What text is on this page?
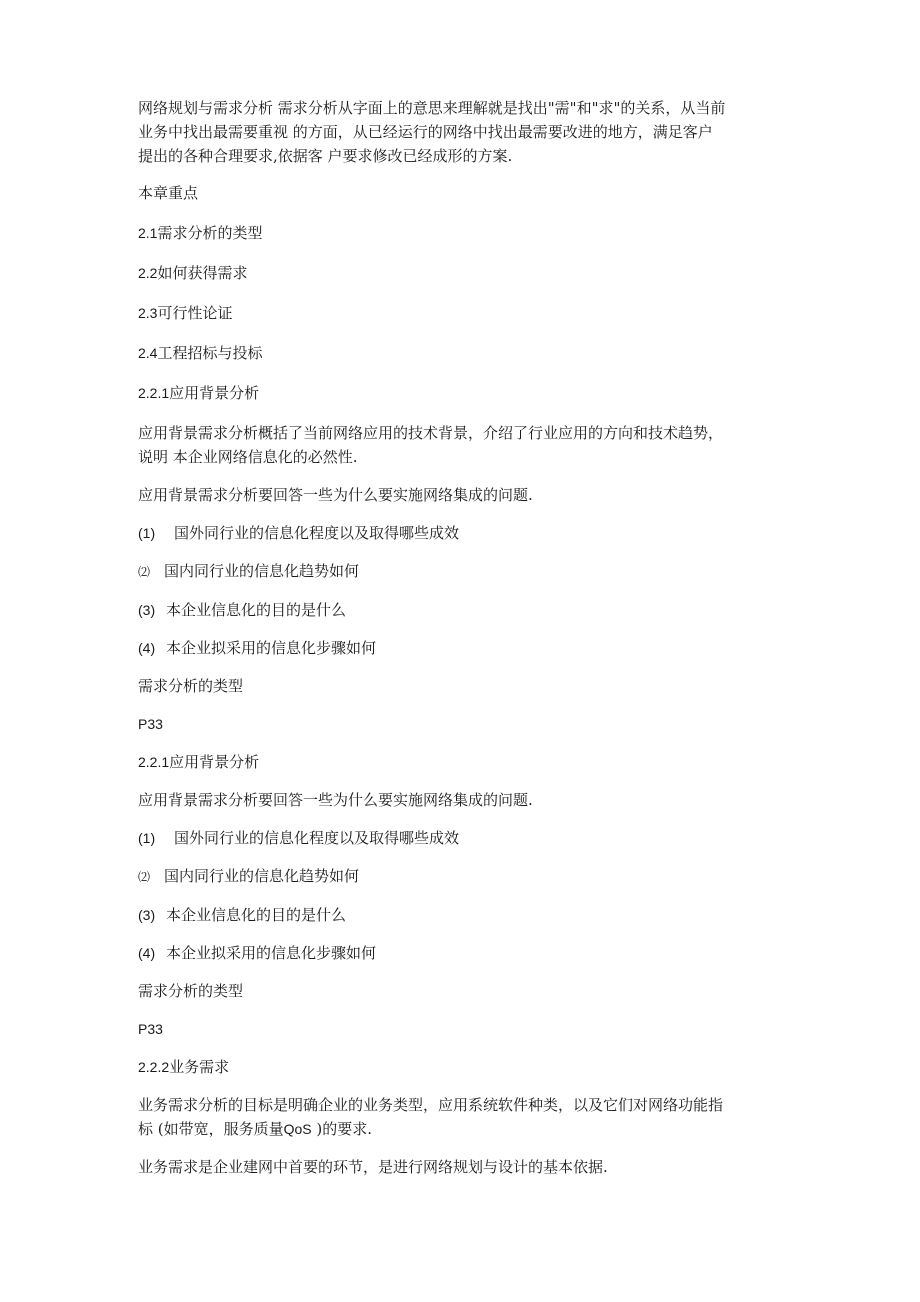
网络规划与需求分析 需求分析从字面上的意思来理解就是找出"需"和"求"的关系，从当前

业务中找出最需要重视 的方面，从已经运行的网络中找出最需要改进的地方，满足客户

提出的各种合理要求,依据客 户要求修改已经成形的方案.

本章重点

2.1需求分析的类型

2.2如何获得需求

2.3可行性论证

2.4工程招标与投标

2.2.1应用背景分析

应用背景需求分析概括了当前网络应用的技术背景，介绍了行业应用的方向和技术趋势，

说明 本企业网络信息化的必然性.

应用背景需求分析要回答一些为什么要实施网络集成的问题.

(1) 国外同行业的信息化程度以及取得哪些成效

⑵ 国内同行业的信息化趋势如何

(3) 本企业信息化的目的是什么

(4) 本企业拟采用的信息化步骤如何

需求分析的类型

P33

2.2.1应用背景分析

应用背景需求分析要回答一些为什么要实施网络集成的问题.

(1) 国外同行业的信息化程度以及取得哪些成效

⑵ 国内同行业的信息化趋势如何

(3) 本企业信息化的目的是什么

(4) 本企业拟采用的信息化步骤如何

需求分析的类型

P33

2.2.2业务需求

业务需求分析的目标是明确企业的业务类型，应用系统软件种类，以及它们对网络功能指

标 (如带宽，服务质量QoS )的要求.

业务需求是企业建网中首要的环节，是进行网络规划与设计的基本依据.
